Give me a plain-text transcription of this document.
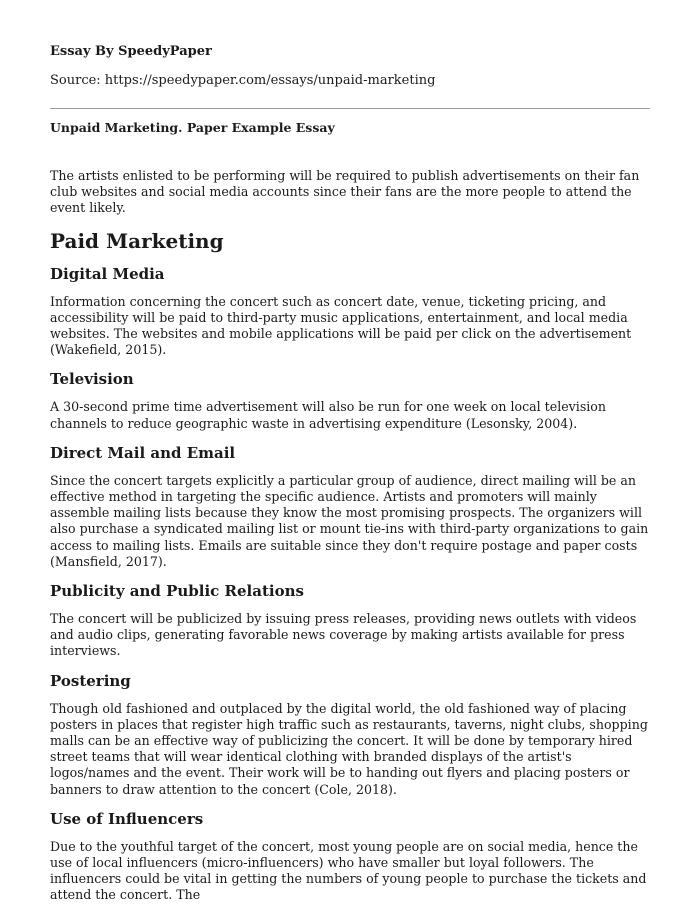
Essay By SpeedyPaper
Source: https://speedypaper.com/essays/unpaid-marketing
Unpaid Marketing. Paper Example Essay

The artists enlisted to be performing will be required to publish advertisements on their fan club websites and social media accounts since their fans are the more people to attend the event likely.

Paid Marketing
Digital Media

Information concerning the concert such as concert date, venue, ticketing pricing, and accessibility will be paid to third-party music applications, entertainment, and local media websites. The websites and mobile applications will be paid per click on the advertisement (Wakefield, 2015).

Television

A 30-second prime time advertisement will also be run for one week on local television channels to reduce geographic waste in advertising expenditure (Lesonsky, 2004).

Direct Mail and Email

Since the concert targets explicitly a particular group of audience, direct mailing will be an effective method in targeting the specific audience. Artists and promoters will mainly assemble mailing lists because they know the most promising prospects. The organizers will also purchase a syndicated mailing list or mount tie-ins with third-party organizations to gain access to mailing lists. Emails are suitable since they don't require postage and paper costs (Mansfield, 2017).

Publicity and Public Relations

The concert will be publicized by issuing press releases, providing news outlets with videos and audio clips, generating favorable news coverage by making artists available for press interviews.

Postering

Though old fashioned and outplaced by the digital world, the old fashioned way of placing posters in places that register high traffic such as restaurants, taverns, night clubs, shopping malls can be an effective way of publicizing the concert. It will be done by temporary hired street teams that will wear identical clothing with branded displays of the artist's logos/names and the event. Their work will be to handing out flyers and placing posters or banners to draw attention to the concert (Cole, 2018).

Use of Influencers

Due to the youthful target of the concert, most young people are on social media, hence the use of local influencers (micro-influencers) who have smaller but loyal followers. The influencers could be vital in getting the numbers of young people to purchase the tickets and attend the concert. The
